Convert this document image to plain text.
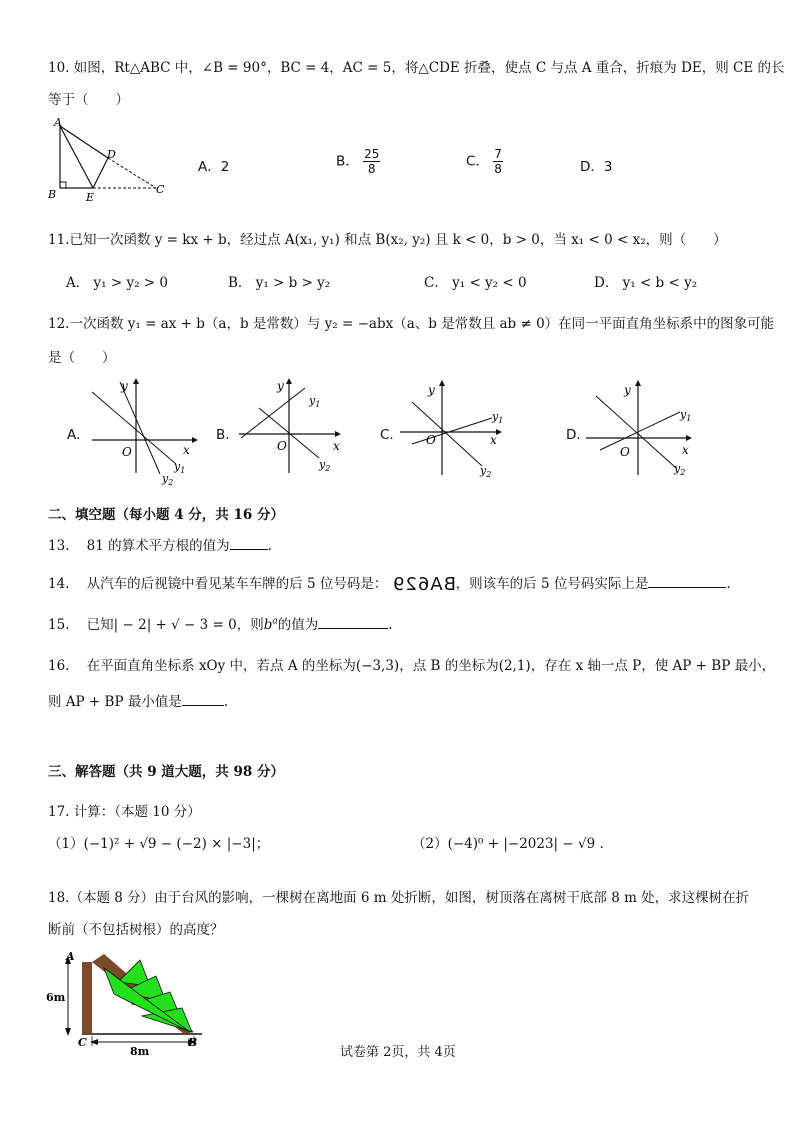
10. 如图，Rt△ABC 中，∠B = 90°，BC = 4，AC = 5，将△CDE 折叠，使点 C 与点 A 重合，折痕为 DE，则 CE 的长
等于（　　）
A
B	E
D
C
A．2	B． $\frac{25}{8}$	C． $\frac{7}{8}$	D．3
11.已知一次函数 y = kx + b，经过点 A(x₁, y₁) 和点 B(x₂, y₂) 且 k < 0，b > 0，当 x₁ < 0 < x₂，则（　　）
A． y₁ > y₂ > 0	B． y₁ > b > y₂	C． y₁ < y₂ < 0	D． y₁ < b < y₂
12.一次函数 y₁ = ax + b（a，b 是常数）与 y₂ = −abx（a、b 是常数且 ab ≠ 0）在同一平面直角坐标系中的图象可能
是（　　）
A.
y
x
O
$y_1$
$y_2$
B.
y
x
O
$y_1$
$y_2$
C.
y
x
O
$y_1$
$y_2$
D.
y
x
O
$y_1$
$y_2$
二、填空题（每小题 4 分，共 16 分）
13. 81 的算术平方根的值为	.
14. 从汽车的后视镜中看见某车车牌的后 5 位号码是： BA629，则该车的后 5 位号码实际上是	.
15. 已知| − 2| + √ − 3 = 0，则$b^a$的值为	.
16. 在平面直角坐标系 xOy 中，若点 A 的坐标为(−3,3)，点 B 的坐标为(2,1)，存在 x 轴一点 P，使 AP + BP 最小，
则 AP + BP 最小值是	.
三、解答题（共 9 道大题，共 98 分）
17. 计算：（本题 10 分）
（1）(−1)² + √9 − (−2) × |−3|；	（2）(−4)⁰ + |−2023| − √9 .
18.（本题 8 分）由于台风的影响，一棵树在离地面 6 m 处折断，如图，树顶落在离树干底部 8 m 处，求这棵树在折
断前（不包括树根）的高度？
A
C	B
6m
8m	试卷第 2页，共 4页
